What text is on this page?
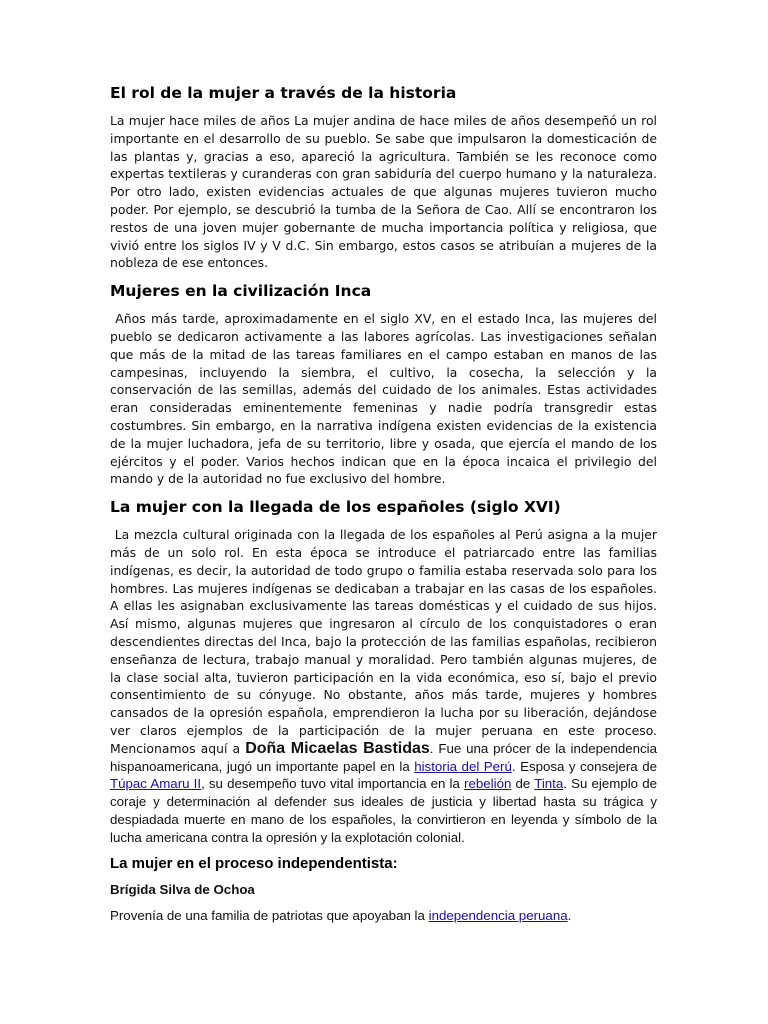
El rol de la mujer a través de la historia

La mujer hace miles de años La mujer andina de hace miles de años desempeñó un rol importante en el desarrollo de su pueblo. Se sabe que impulsaron la domesticación de las plantas y, gracias a eso, apareció la agricultura. También se les reconoce como expertas textileras y curanderas con gran sabiduría del cuerpo humano y la naturaleza. Por otro lado, existen evidencias actuales de que algunas mujeres tuvieron mucho poder. Por ejemplo, se descubrió la tumba de la Señora de Cao. Allí se encontraron los restos de una joven mujer gobernante de mucha importancia política y religiosa, que vivió entre los siglos IV y V d.C. Sin embargo, estos casos se atribuían a mujeres de la nobleza de ese entonces.

Mujeres en la civilización Inca

Años más tarde, aproximadamente en el siglo XV, en el estado Inca, las mujeres del pueblo se dedicaron activamente a las labores agrícolas. Las investigaciones señalan que más de la mitad de las tareas familiares en el campo estaban en manos de las campesinas, incluyendo la siembra, el cultivo, la cosecha, la selección y la conservación de las semillas, además del cuidado de los animales. Estas actividades eran consideradas eminentemente femeninas y nadie podría transgredir estas costumbres. Sin embargo, en la narrativa indígena existen evidencias de la existencia de la mujer luchadora, jefa de su territorio, libre y osada, que ejercía el mando de los ejércitos y el poder. Varios hechos indican que en la época incaica el privilegio del mando y de la autoridad no fue exclusivo del hombre.

La mujer con la llegada de los españoles (siglo XVI)

La mezcla cultural originada con la llegada de los españoles al Perú asigna a la mujer más de un solo rol. En esta época se introduce el patriarcado entre las familias indígenas, es decir, la autoridad de todo grupo o familia estaba reservada solo para los hombres. Las mujeres indígenas se dedicaban a trabajar en las casas de los españoles. A ellas les asignaban exclusivamente las tareas domésticas y el cuidado de sus hijos. Así mismo, algunas mujeres que ingresaron al círculo de los conquistadores o eran descendientes directas del Inca, bajo la protección de las familias españolas, recibieron enseñanza de lectura, trabajo manual y moralidad. Pero también algunas mujeres, de la clase social alta, tuvieron participación en la vida económica, eso sí, bajo el previo consentimiento de su cónyuge. No obstante, años más tarde, mujeres y hombres cansados de la opresión española, emprendieron la lucha por su liberación, dejándose ver claros ejemplos de la participación de la mujer peruana en este proceso. Mencionamos aquí a Doña Micaelas Bastidas. Fue una prócer de la independencia hispanoamericana, jugó un importante papel en la historia del Perú. Esposa y consejera de Túpac Amaru II, su desempeño tuvo vital importancia en la rebelión de Tinta. Su ejemplo de coraje y determinación al defender sus ideales de justicia y libertad hasta su trágica y despiadada muerte en mano de los españoles, la convirtieron en leyenda y símbolo de la lucha americana contra la opresión y la explotación colonial.

La mujer en el proceso independentista:
Brígida Silva de Ochoa

Provenía de una familia de patriotas que apoyaban la independencia peruana.
